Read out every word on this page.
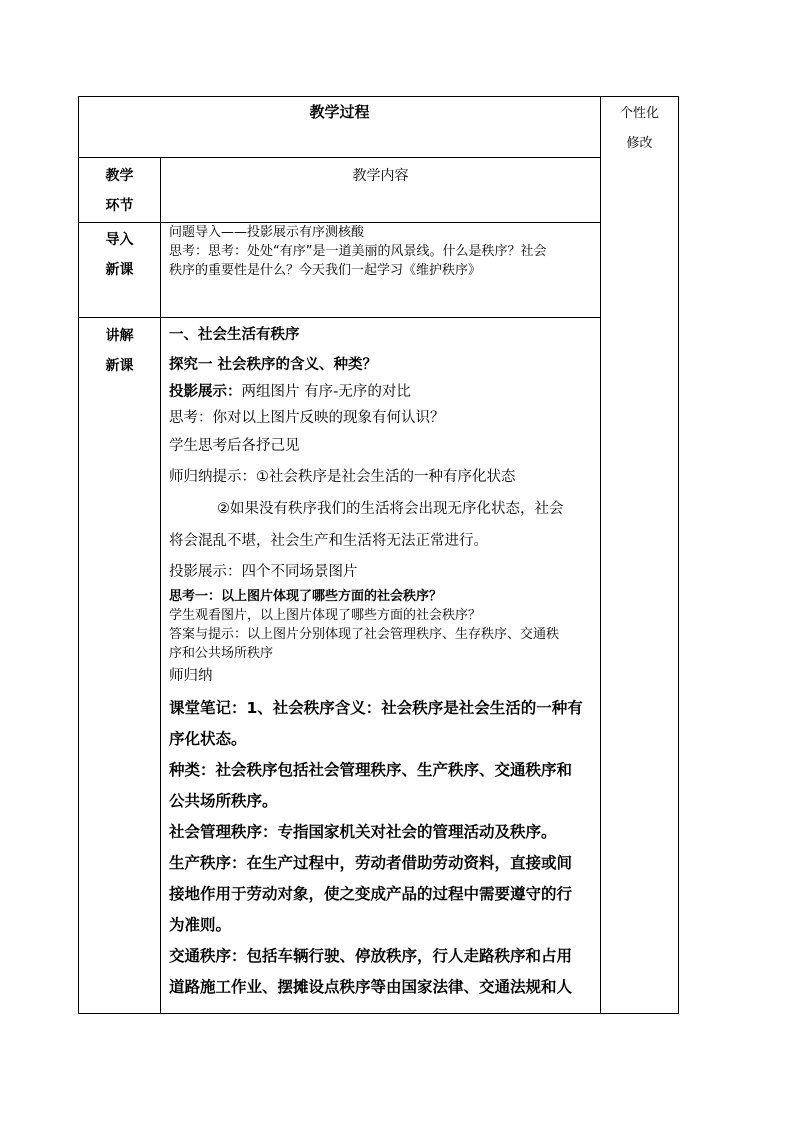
教学过程	个性化
修改
教学
环节
教学内容
导入
新课
问题导入——投影展示有序测核酸
思考：思考：处处“有序”是一道美丽的风景线。什么是秩序？社会
秩序的重要性是什么？今天我们一起学习《维护秩序》
讲解
新课
一、社会生活有秩序
探究一 社会秩序的含义、种类？
投影展示：两组图片 有序-无序的对比
思考：你对以上图片反映的现象有何认识？
学生思考后各抒己见
师归纳提示：①社会秩序是社会生活的一种有序化状态
②如果没有秩序我们的生活将会出现无序化状态，社会
将会混乱不堪，社会生产和生活将无法正常进行。
投影展示：四个不同场景图片
思考一：以上图片体现了哪些方面的社会秩序？
学生观看图片，以上图片体现了哪些方面的社会秩序？
答案与提示：以上图片分别体现了社会管理秩序、生存秩序、交通秩
序和公共场所秩序
师归纳
课堂笔记：1、社会秩序含义：社会秩序是社会生活的一种有
序化状态。
种类：社会秩序包括社会管理秩序、生产秩序、交通秩序和
公共场所秩序。
社会管理秩序：专指国家机关对社会的管理活动及秩序。
生产秩序：在生产过程中，劳动者借助劳动资料，直接或间
接地作用于劳动对象，使之变成产品的过程中需要遵守的行
为准则。
交通秩序：包括车辆行驶、停放秩序，行人走路秩序和占用
道路施工作业、摆摊设点秩序等由国家法律、交通法规和人
